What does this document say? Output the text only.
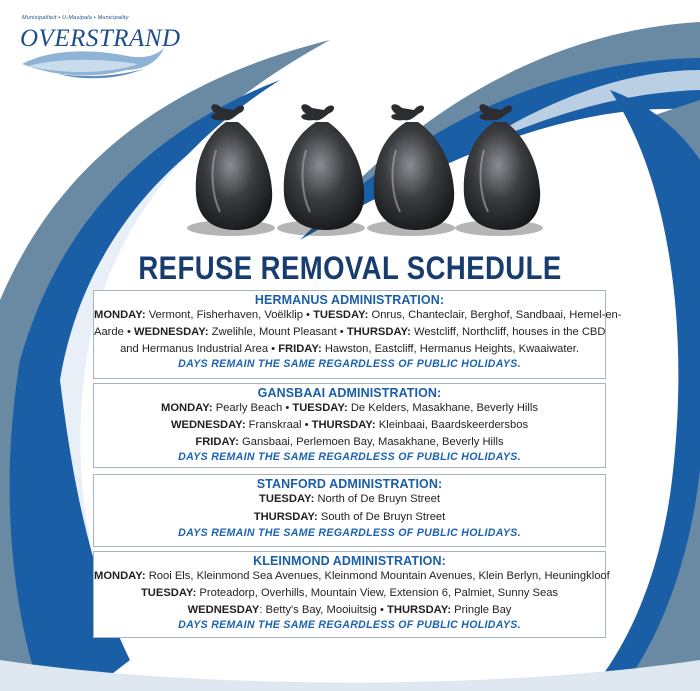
Munisipaliteit • U-Masipala • Municipality
OVERSTRAND
REFUSE REMOVAL SCHEDULE
HERMANUS ADMINISTRATION:
MONDAY: Vermont, Fisherhaven, Voëlklip • TUESDAY: Onrus, Chanteclair, Berghof, Sandbaai, Hemel-en-
Aarde • WEDNESDAY: Zwelihle, Mount Pleasant • THURSDAY: Westcliff, Northcliff, houses in the CBD
and Hermanus Industrial Area • FRIDAY: Hawston, Eastcliff, Hermanus Heights, Kwaaiwater.
DAYS REMAIN THE SAME REGARDLESS OF PUBLIC HOLIDAYS.
GANSBAAI ADMINISTRATION:
MONDAY: Pearly Beach • TUESDAY: De Kelders, Masakhane, Beverly Hills
WEDNESDAY: Franskraal • THURSDAY: Kleinbaai, Baardskeerdersbos
FRIDAY: Gansbaai, Perlemoen Bay, Masakhane, Beverly Hills
DAYS REMAIN THE SAME REGARDLESS OF PUBLIC HOLIDAYS.
STANFORD ADMINISTRATION:
TUESDAY: North of De Bruyn Street
THURSDAY: South of De Bruyn Street
DAYS REMAIN THE SAME REGARDLESS OF PUBLIC HOLIDAYS.
KLEINMOND ADMINISTRATION:
MONDAY: Rooi Els, Kleinmond Sea Avenues, Kleinmond Mountain Avenues, Klein Berlyn, Heuningkloof
TUESDAY: Proteadorp, Overhills, Mountain View, Extension 6, Palmiet, Sunny Seas
WEDNESDAY: Betty's Bay, Mooiuitsig • THURSDAY: Pringle Bay
DAYS REMAIN THE SAME REGARDLESS OF PUBLIC HOLIDAYS.
